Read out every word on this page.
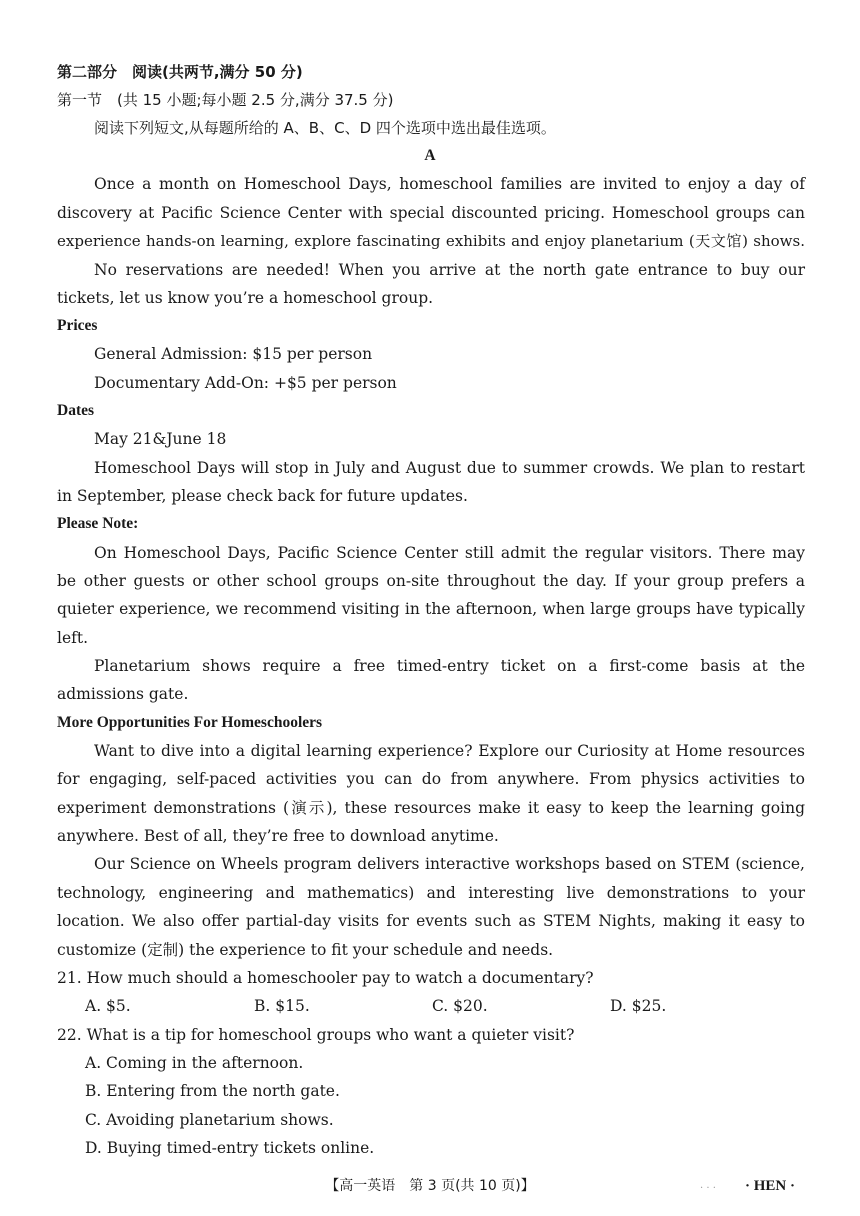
第二部分　阅读(共两节,满分 50 分)
第一节　(共 15 小题;每小题 2.5 分,满分 37.5 分)
阅读下列短文,从每题所给的 A、B、C、D 四个选项中选出最佳选项。
A
Once a month on Homeschool Days, homeschool families are invited to enjoy a day of
discovery at Pacific Science Center with special discounted pricing. Homeschool groups can
experience hands-on learning, explore fascinating exhibits and enjoy planetarium (天文馆) shows.
No reservations are needed! When you arrive at the north gate entrance to buy our
tickets, let us know you’re a homeschool group.
Prices
General Admission: $15 per person
Documentary Add-On: +$5 per person
Dates
May 21&June 18
Homeschool Days will stop in July and August due to summer crowds. We plan to restart
in September, please check back for future updates.
Please Note:
On Homeschool Days, Pacific Science Center still admit the regular visitors. There may
be other guests or other school groups on-site throughout the day. If your group prefers a
quieter experience, we recommend visiting in the afternoon, when large groups have typically
left.
Planetarium shows require a free timed-entry ticket on a first-come basis at the
admissions gate.
More Opportunities For Homeschoolers
Want to dive into a digital learning experience? Explore our Curiosity at Home resources
for engaging, self-paced activities you can do from anywhere. From physics activities to
experiment demonstrations (演示), these resources make it easy to keep the learning going
anywhere. Best of all, they’re free to download anytime.
Our Science on Wheels program delivers interactive workshops based on STEM (science,
technology, engineering and mathematics) and interesting live demonstrations to your
location. We also offer partial-day visits for events such as STEM Nights, making it easy to
customize (定制) the experience to fit your schedule and needs.
21. How much should a homeschooler pay to watch a documentary?
A. $5.	B. $15.	C. $20.	D. $25.
22. What is a tip for homeschool groups who want a quieter visit?
A. Coming in the afternoon.
B. Entering from the north gate.
C. Avoiding planetarium shows.
D. Buying timed-entry tickets online.
【高一英语　第 3 页(共 10 页)】	. . . · HEN ·
